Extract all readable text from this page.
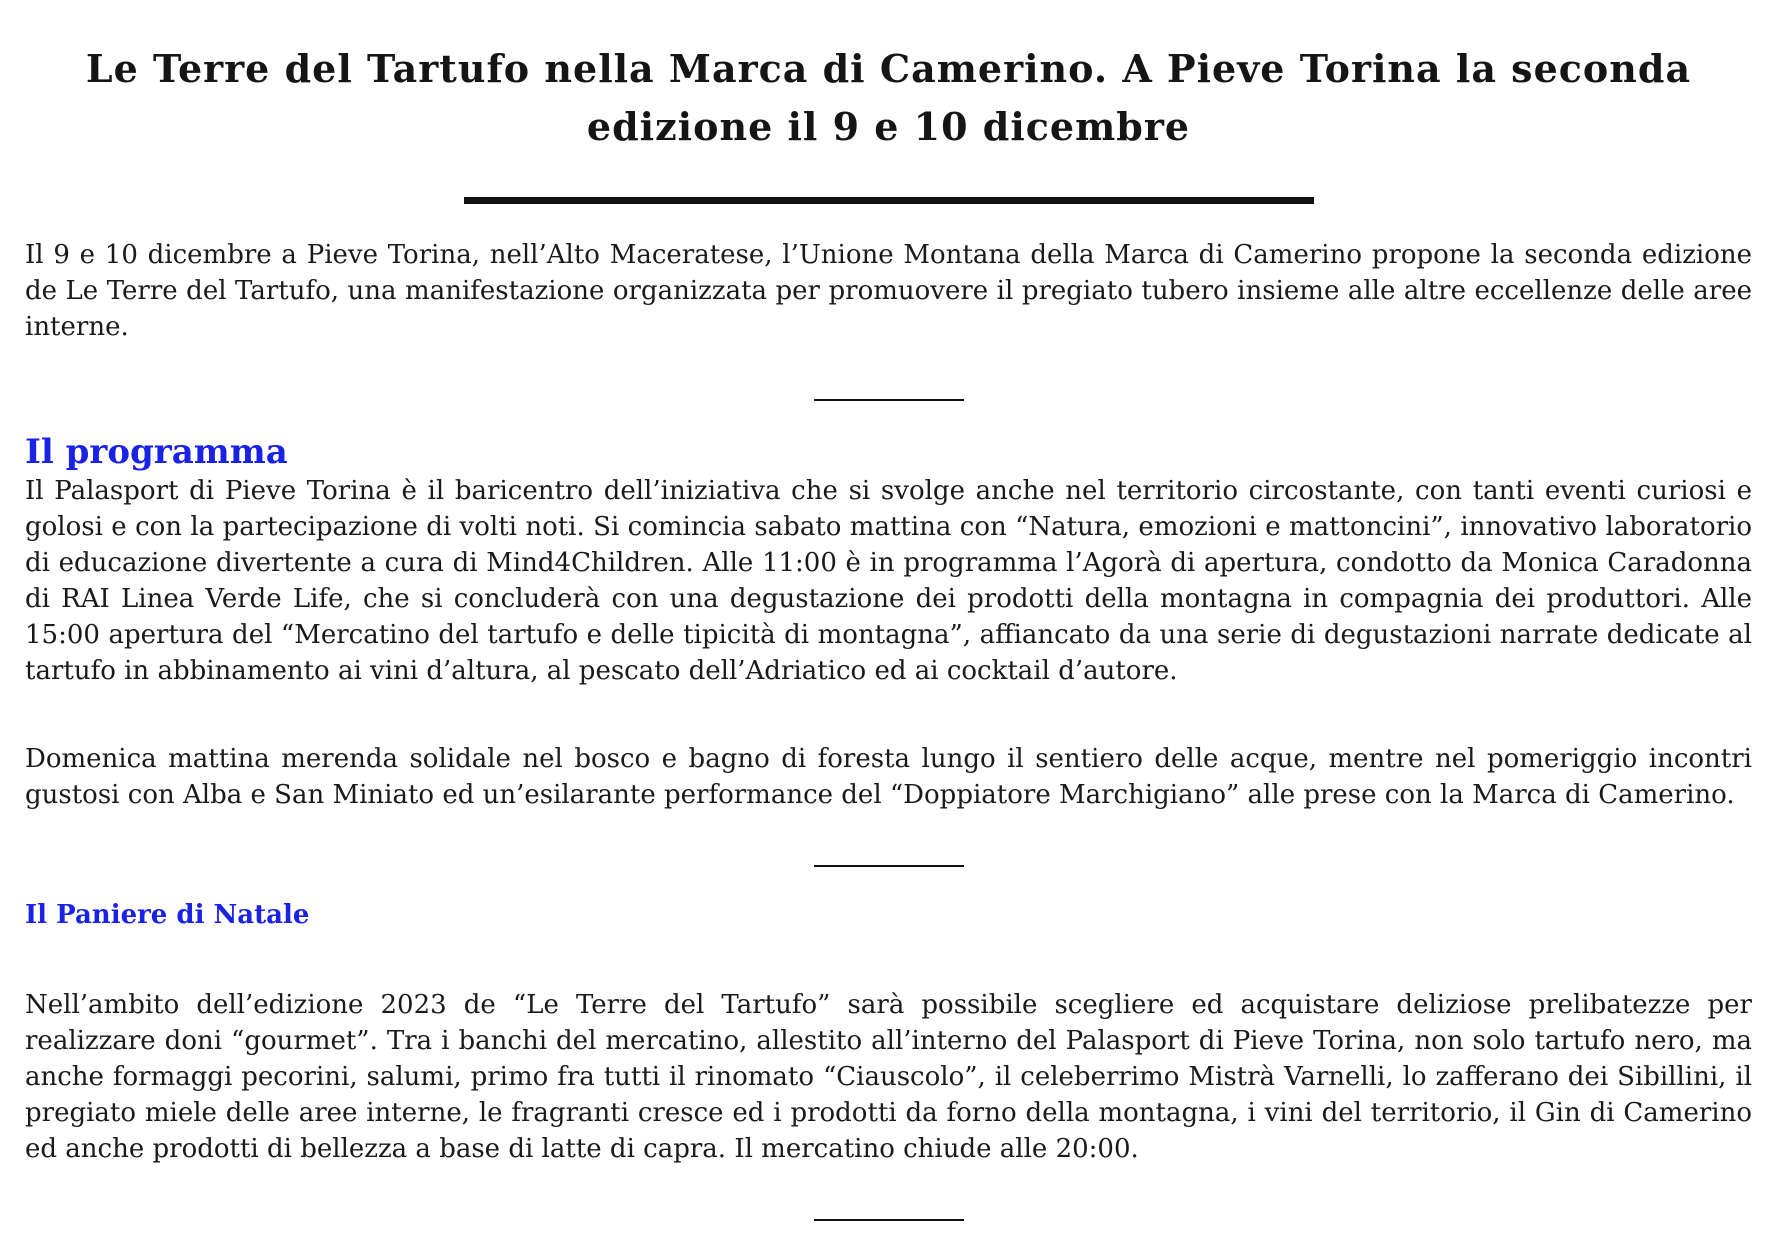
Le Terre del Tartufo nella Marca di Camerino. A Pieve Torina la seconda edizione il 9 e 10 dicembre

Il 9 e 10 dicembre a Pieve Torina, nell’Alto Maceratese, l’Unione Montana della Marca di Camerino propone la seconda edizione de Le Terre del Tartufo, una manifestazione organizzata per promuovere il pregiato tubero insieme alle altre eccellenze delle aree interne.

Il programma

Il Palasport di Pieve Torina è il baricentro dell’iniziativa che si svolge anche nel territorio circostante, con tanti eventi curiosi e golosi e con la partecipazione di volti noti. Si comincia sabato mattina con “Natura, emozioni e mattoncini”, innovativo laboratorio di educazione divertente a cura di Mind4Children. Alle 11:00 è in programma l’Agorà di apertura, condotto da Monica Caradonna di RAI Linea Verde Life, che si concluderà con una degustazione dei prodotti della montagna in compagnia dei produttori. Alle 15:00 apertura del “Mercatino del tartufo e delle tipicità di montagna”, affiancato da una serie di degustazioni narrate dedicate al tartufo in abbinamento ai vini d’altura, al pescato dell’Adriatico ed ai cocktail d’autore.

Domenica mattina merenda solidale nel bosco e bagno di foresta lungo il sentiero delle acque, mentre nel pomeriggio incontri gustosi con Alba e San Miniato ed un’esilarante performance del “Doppiatore Marchigiano” alle prese con la Marca di Camerino.

Il Paniere di Natale

Nell’ambito dell’edizione 2023 de “Le Terre del Tartufo” sarà possibile scegliere ed acquistare deliziose prelibatezze per realizzare doni “gourmet”. Tra i banchi del mercatino, allestito all’interno del Palasport di Pieve Torina, non solo tartufo nero, ma anche formaggi pecorini, salumi, primo fra tutti il rinomato “Ciauscolo”, il celeberrimo Mistrà Varnelli, lo zafferano dei Sibillini, il pregiato miele delle aree interne, le fragranti cresce ed i prodotti da forno della montagna, i vini del territorio, il Gin di Camerino ed anche prodotti di bellezza a base di latte di capra. Il mercatino chiude alle 20:00.
